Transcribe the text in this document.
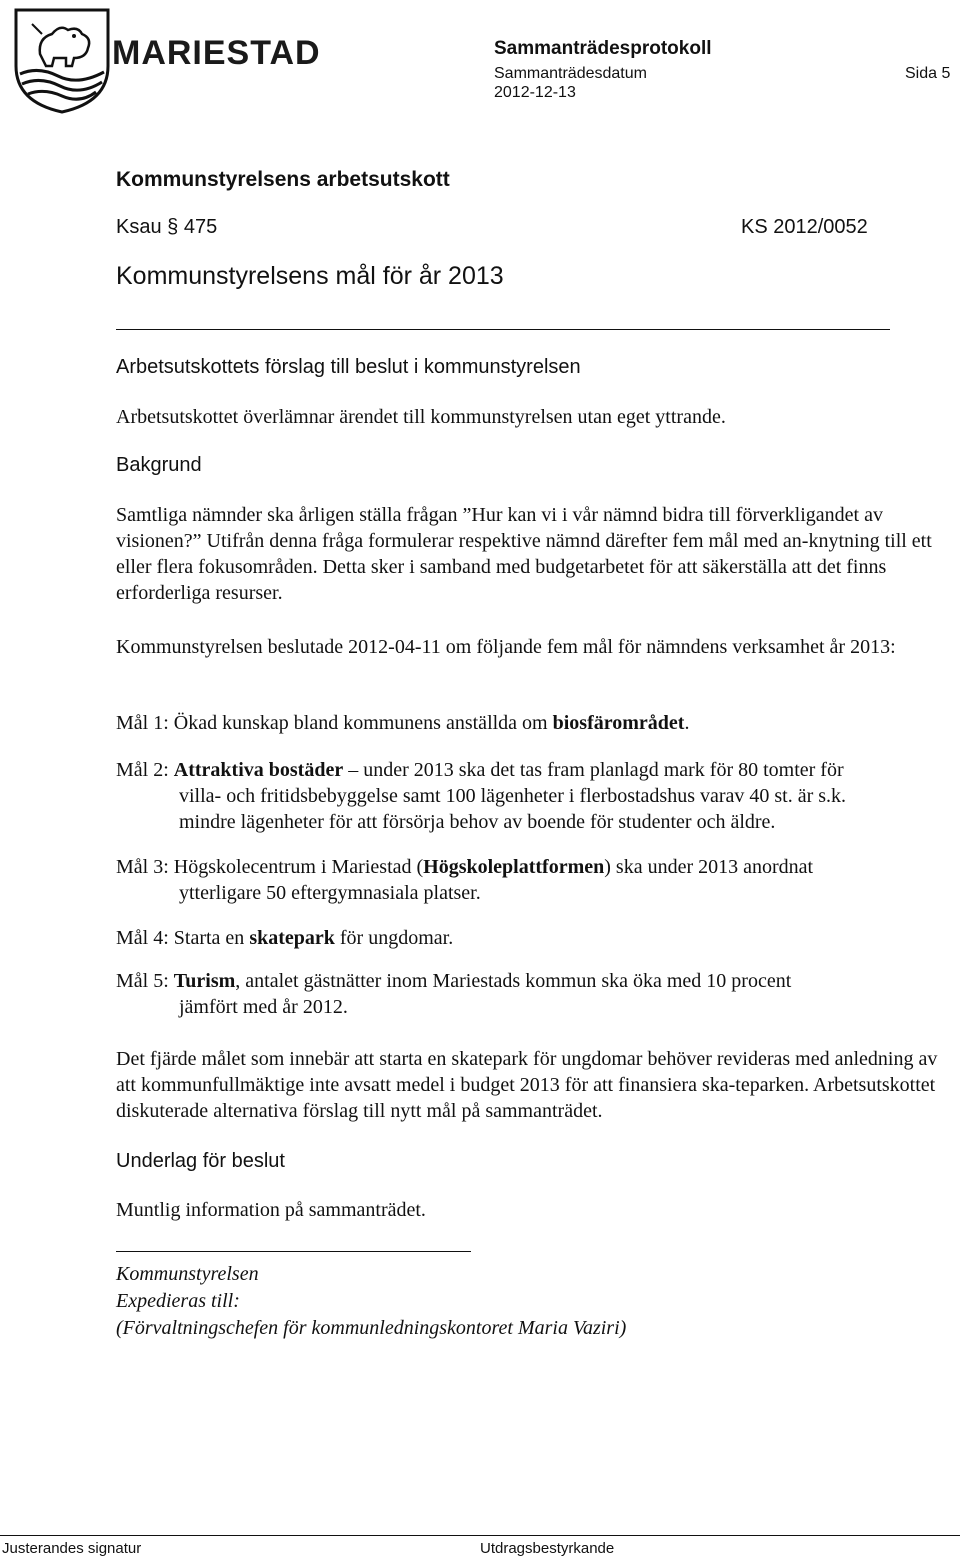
MARIESTAD	Sammanträdesprotokoll
Sammanträdesdatum
2012-12-13
Sida 5
Kommunstyrelsens arbetsutskott
Ksau § 475	KS 2012/0052
Kommunstyrelsens mål för år 2013
Arbetsutskottets förslag till beslut i kommunstyrelsen
Arbetsutskottet överlämnar ärendet till kommunstyrelsen utan eget yttrande.
Bakgrund
Samtliga nämnder ska årligen ställa frågan ”Hur kan vi i vår nämnd bidra till förverkligandet av visionen?” Utifrån denna fråga formulerar respektive nämnd därefter fem mål med an-knytning till ett eller flera fokusområden. Detta sker i samband med budgetarbetet för att säkerställa att det finns erforderliga resurser.
Kommunstyrelsen beslutade 2012-04-11 om följande fem mål för nämndens verksamhet år 2013:
Mål 1: Ökad kunskap bland kommunens anställda om biosfärområdet.
Mål 2: Attraktiva bostäder – under 2013 ska det tas fram planlagd mark för 80 tomter för
villa- och fritidsbebyggelse samt 100 lägenheter i flerbostadshus varav 40 st. är s.k.
mindre lägenheter för att försörja behov av boende för studenter och äldre.
Mål 3: Högskolecentrum i Mariestad (Högskoleplattformen) ska under 2013 anordnat
ytterligare 50 eftergymnasiala platser.
Mål 4: Starta en skatepark för ungdomar.
Mål 5: Turism, antalet gästnätter inom Mariestads kommun ska öka med 10 procent
jämfört med år 2012.
Det fjärde målet som innebär att starta en skatepark för ungdomar behöver revideras med anledning av att kommunfullmäktige inte avsatt medel i budget 2013 för att finansiera ska-teparken. Arbetsutskottet diskuterade alternativa förslag till nytt mål på sammanträdet.
Underlag för beslut
Muntlig information på sammanträdet.
Kommunstyrelsen
Expedieras till:
(Förvaltningschefen för kommunledningskontoret Maria Vaziri)
Justerandes signatur	Utdragsbestyrkande
